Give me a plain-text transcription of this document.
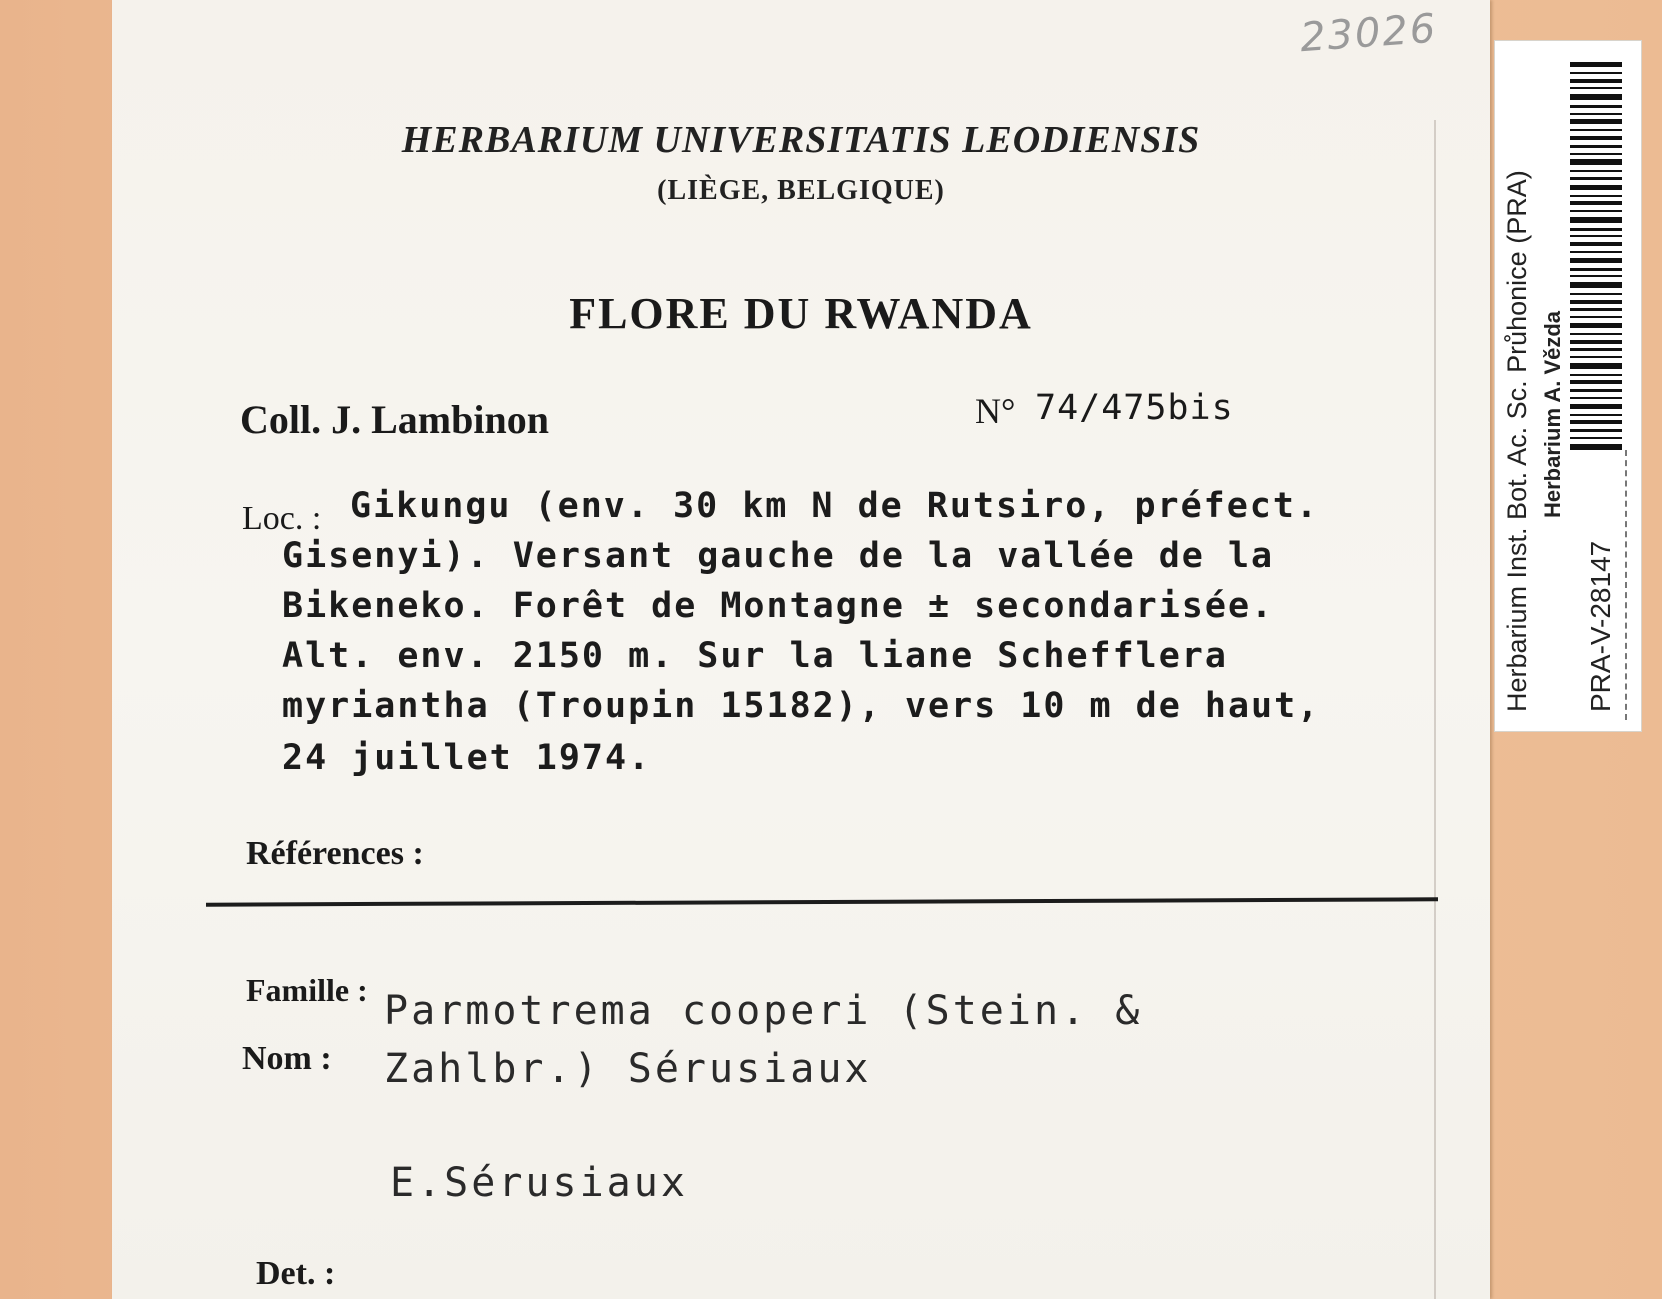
23026
HERBARIUM UNIVERSITATIS LEODIENSIS
(LIÈGE, BELGIQUE)
FLORE DU RWANDA
Coll. J. Lambinon	N° 74/475bis
Loc. : Gikungu (env. 30 km N de Rutsiro, préfect.
Gisenyi). Versant gauche de la vallée de la
Bikeneko. Forêt de Montagne ± secondarisée.
Alt. env. 2150 m. Sur la liane Schefflera
myriantha (Troupin 15182), vers 10 m de haut,
24 juillet 1974.
Références :
Famille :
Nom :
Parmotrema cooperi (Stein. &
Zahlbr.) Sérusiaux
E.Sérusiaux
Det. :
Herbarium Inst. Bot. Ac. Sc. Průhonice (PRA) Herbarium A. Vězda
PRA-V-28147
